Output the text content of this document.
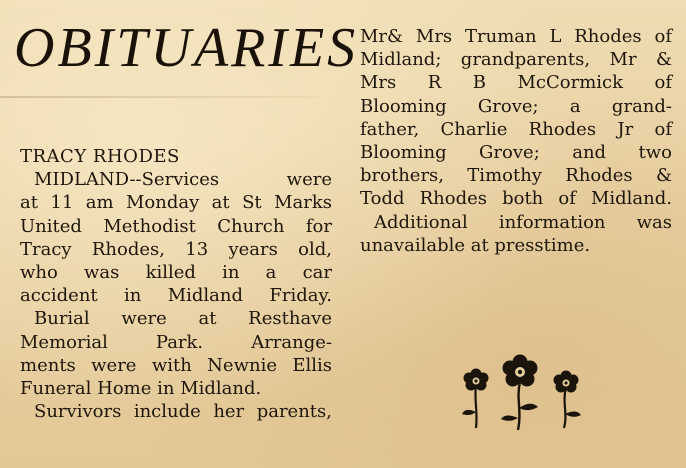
OBITUARIES
TRACY RHODES
MIDLAND--Services were
at 11 am Monday at St Marks
United Methodist Church for
Tracy Rhodes, 13 years old,
who was killed in a car
accident in Midland Friday.
Burial were at Resthave
Memorial Park. Arrange-
ments were with Newnie Ellis
Funeral Home in Midland.
Survivors include her parents,
Mr& Mrs Truman L Rhodes of
Midland; grandparents, Mr &
Mrs R B McCormick of
Blooming Grove; a grand-
father, Charlie Rhodes Jr of
Blooming Grove; and two
brothers, Timothy Rhodes &
Todd Rhodes both of Midland.
Additional information was
unavailable at presstime.
